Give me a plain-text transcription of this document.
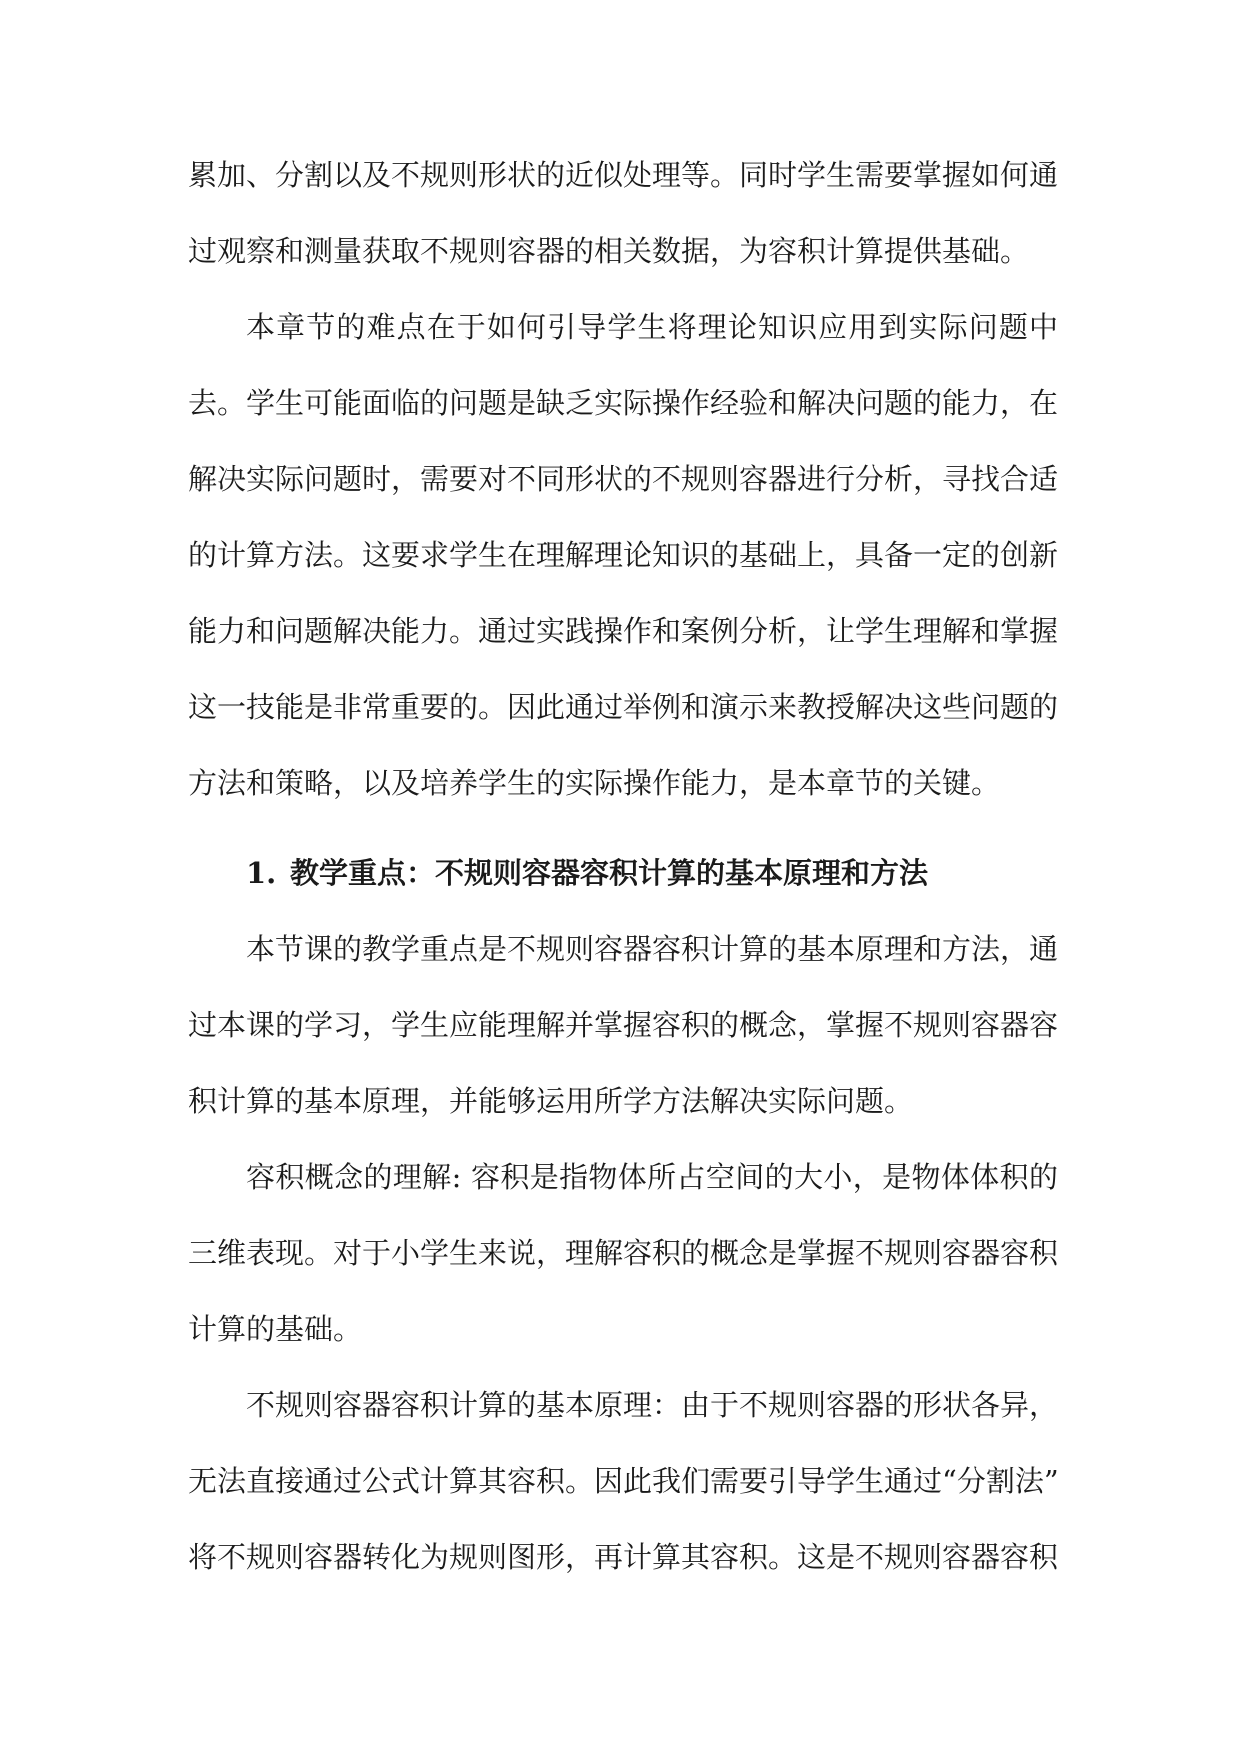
累加、分割以及不规则形状的近似处理等。同时学生需要掌握如何通
过观察和测量获取不规则容器的相关数据，为容积计算提供基础。
本章节的难点在于如何引导学生将理论知识应用到实际问题中
去。学生可能面临的问题是缺乏实际操作经验和解决问题的能力，在
解决实际问题时，需要对不同形状的不规则容器进行分析，寻找合适
的计算方法。这要求学生在理解理论知识的基础上，具备一定的创新
能力和问题解决能力。通过实践操作和案例分析，让学生理解和掌握
这一技能是非常重要的。因此通过举例和演示来教授解决这些问题的
方法和策略，以及培养学生的实际操作能力，是本章节的关键。
1. 教学重点：不规则容器容积计算的基本原理和方法
本节课的教学重点是不规则容器容积计算的基本原理和方法，通
过本课的学习，学生应能理解并掌握容积的概念，掌握不规则容器容
积计算的基本原理，并能够运用所学方法解决实际问题。
容积概念的理解: 容积是指物体所占空间的大小，是物体体积的
三维表现。对于小学生来说，理解容积的概念是掌握不规则容器容积
计算的基础。
不规则容器容积计算的基本原理：由于不规则容器的形状各异，
无法直接通过公式计算其容积。因此我们需要引导学生通过“分割法”
将不规则容器转化为规则图形，再计算其容积。这是不规则容器容积
